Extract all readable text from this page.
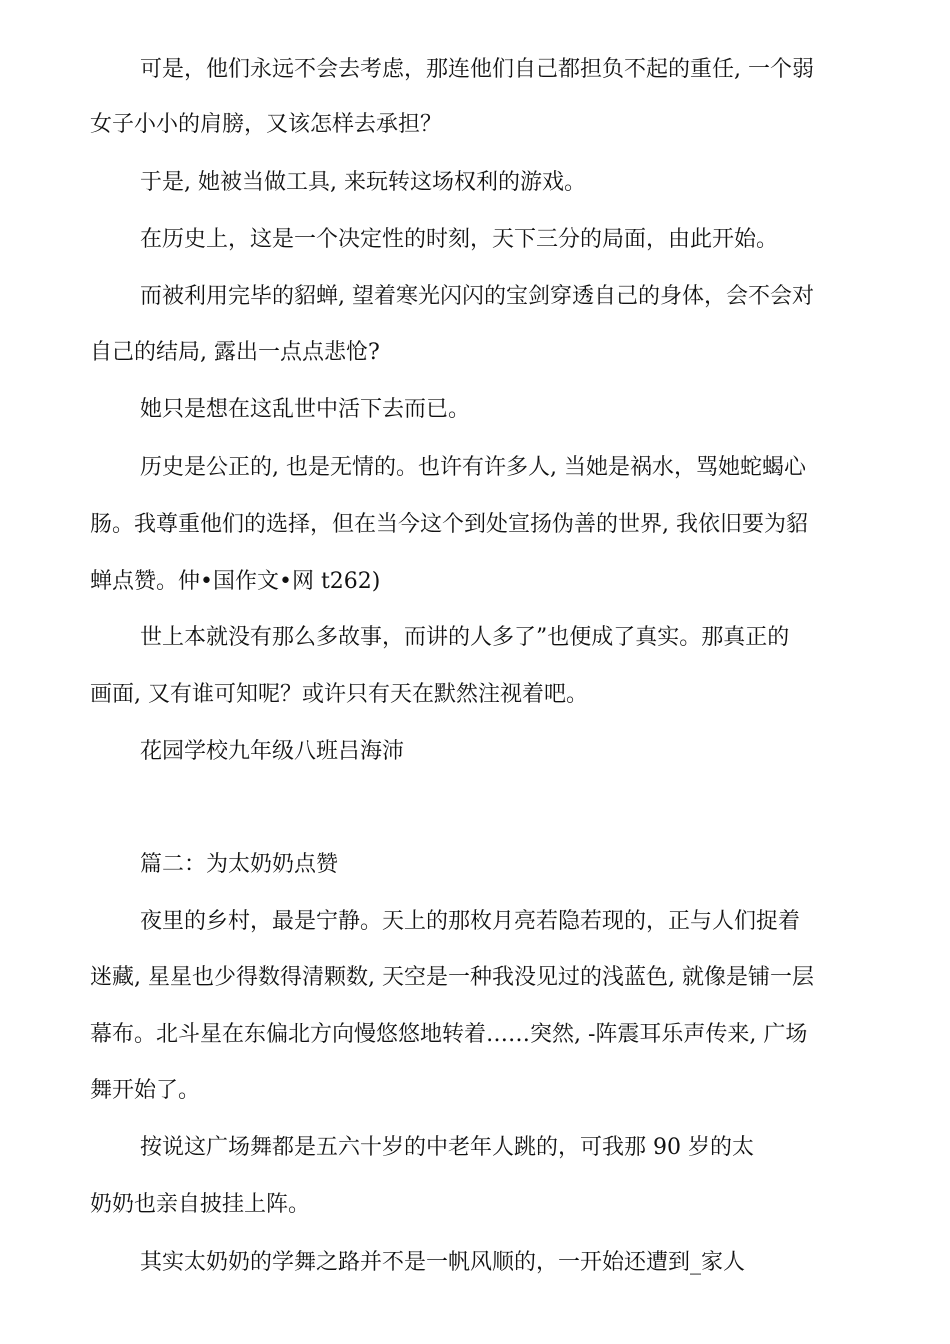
可是，他们永远不会去考虑，那连他们自己都担负不起的重任, 一个弱
女子小小的肩膀，又该怎样去承担？
于是, 她被当做工具, 来玩转这场权利的游戏。
在历史上，这是一个决定性的时刻，天下三分的局面，由此开始。
而被利用完毕的貂蝉, 望着寒光闪闪的宝剑穿透自己的身体，会不会对
自己的结局, 露出一点点悲怆?
她只是想在这乱世中活下去而已。
历史是公正的, 也是无情的。也许有许多人, 当她是祸水，骂她蛇蝎心
肠。我尊重他们的选择，但在当今这个到处宣扬伪善的世界, 我依旧要为貂
蝉点赞。仲•国作文•网 t262)
世上本就没有那么多故事，而讲的人多了”也便成了真实。那真正的
画面, 又有谁可知呢？或许只有天在默然注视着吧。
花园学校九年级八班吕海沛
篇二：为太奶奶点赞
夜里的乡村，最是宁静。天上的那枚月亮若隐若现的，正与人们捉着
迷藏, 星星也少得数得清颗数, 天空是一种我没见过的浅蓝色, 就像是铺一层
幕布。北斗星在东偏北方向慢悠悠地转着……突然, -阵震耳乐声传来, 广场
舞开始了。
按说这广场舞都是五六十岁的中老年人跳的，可我那 90 岁的太
奶奶也亲自披挂上阵。
其实太奶奶的学舞之路并不是一帆风顺的，一开始还遭到_家人
